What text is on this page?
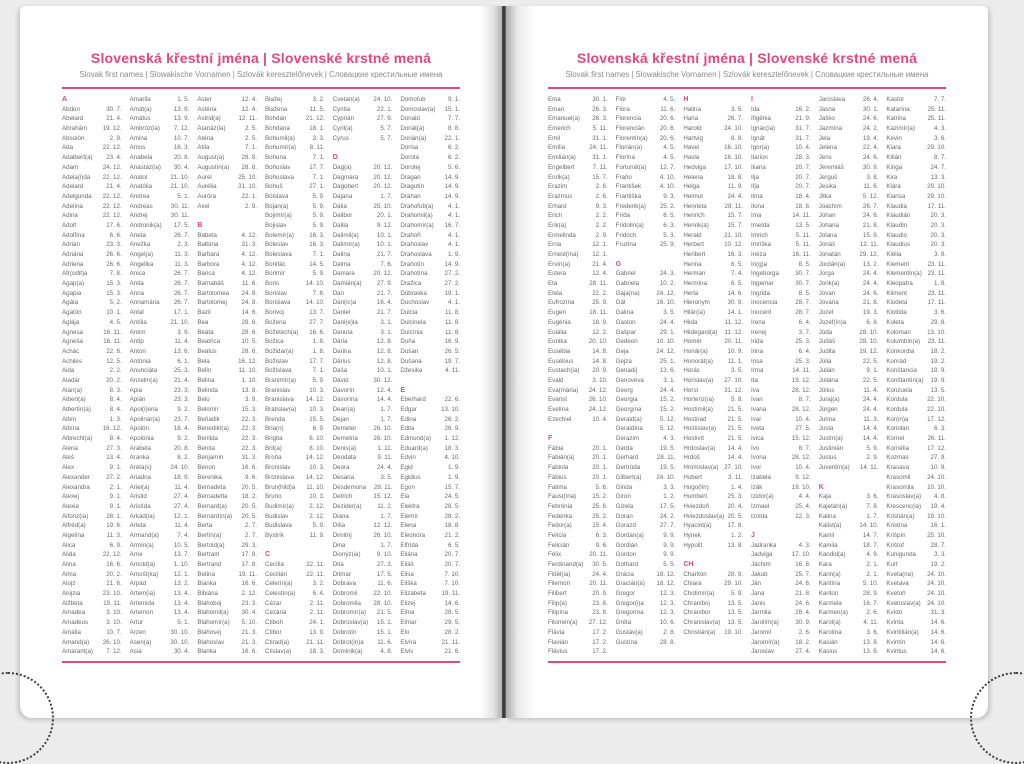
Slovenská křestní jména | Slovenské krstné mená
Slovak first names | Slowakische Vornamen | Szlovák keresztelőnevek | Словацкие крестильные имена
A
Abdon	30. 7.
Abelard	21. 4.
Abrahám	19. 12.
Absolón	2. 9.
Ada	22. 12.
Adalbert(a) 23. 4.
Adam	24. 12.
Adela(i)da 22. 12.
Adelard	21. 4.
Adelgunda 22. 12.
Adelína	22. 12.
Adina	22. 12.
Adolf	17. 6.
Adolfína	6. 6.
Adrián	23. 3.
Adriána	26. 6.
Adriena	26. 6.
Afr(odit)a	7. 8.
Agap(a)	15. 3.
Agapia	15. 3.
Agáta	5. 2.
Agatón	10. 1.
Aglája	4. 5.
Agnesa	16. 11.
Agneša	16. 11.
Achác	22. 6.
Achiles	12. 5.
Aida	2. 2.
Aladár	20. 2.
Alan(a)	8. 3.
Albert(a)	8. 4.
Albertín(a)	8. 4.
Albín	1. 3.
Albína	16. 12.
Albrecht(a)	8. 4.
Alena	27. 3.
Aleš	13. 4.
Alex	9. 1.
Alexander	27. 2.
Alexandra	2. 1.
Alexej	9. 1.
Alexia	9. 1.
Alfonz(ia)	28. 1.
Alfréd(a)	19. 6.
Algelína	11. 3.
Alica	6. 9.
Alida	22. 12.
Alina	16. 6.
Alma	20. 2.
Alojz	21. 6.
Alojzia	23. 10.
Alžbeta	19. 11.
Amadea	3. 10.
Amadeus	3. 10.
Amália	10. 7.
Amand(a) 26. 10.
Amarant(a) 7. 12.
Amarila	1. 5.
Amát(a)	13. 9.
Amátus	13. 9.
Ambróz(ia) 7. 12.
Amina	10. 7.
Amos	16. 3.
Anabela	20. 8.
Anastáz(ia) 30. 4.
Anatol	21. 10.
Anatólia	21. 10.
Andrea	5. 1.
Andreas	30. 11.
Andrej	30. 11.
Andronik(a) 17. 5.
Aneta	26. 7.
Anežka	2. 3.
Angel(a)	11. 3.
Angelika	11. 3.
Anica	26. 7.
Anita	26. 7.
Anna	26. 7.
Annamária 26. 7.
Antal	17. 1.
Antília	21. 10.
Antim	3. 9.
Antip	11. 4.
Anton	13. 6.
Antónia	6. 1.
Anunciáta	25. 3.
Anzelm(a)	21. 4.
Apia	23. 3.
Apián	23. 3.
Apol(i)ena	9. 2.
Apolinár(a) 23. 7.
Apolón	18. 4.
Apolónia	9. 2.
Arabela	20. 8.
Aranka	8. 2.
Areta(s)	24. 10.
Ariadna	18. 9.
Ariel(a)	11. 4.
Aristid	27. 4.
Aristída	27. 4.
Arkád(ia)	12. 1.
Arleta	11. 4.
Armand(a)	7. 4.
Armín(a)	10. 5.
Arne	13. 7.
Arnold(a)	1. 10.
Arnošt(ka)	12. 1.
Arpád	13. 2.
Artem(ia)	13. 4.
Artemida	13. 4.
Artemon	13. 4.
Artur	5. 1.
Arzen	30. 10.
Asen(a)	30. 10.
Asia	30. 4.
Aster	12. 4.
Astéria	12. 4.
Astrid(a)	12. 11.
Atanáz(ia)	2. 5.
Aténa	2. 5.
Atila	7. 1.
August(a)	28. 8.
Augustín(a) 28. 8.
Aurel	25. 10.
Aurélia	31. 10.
Auróra	22. 1.
Axel	2. 9.
B
Babeta	4. 12.
Balbína	31. 3.
Barbara	4. 12.
Barbora	4. 12.
Barica	4. 12.
Barnabáš	11. 6.
Bartolomea 24. 8.
Bartolomej 24. 8.
Bazil	14. 6.
Bea	28. 6.
Beáta	28. 6.
Beatrica	10. 5.
Beátus	28. 6.
Bela	16. 12.
Belín	11. 10.
Belina	1. 10.
Belinda	13. 8.
Belo	3. 9.
Belomír	15. 3.
Beňadik	22. 3.
Benedikt(a) 22. 3.
Benilda	22. 3.
Benita	22. 3.
Benjamín	31. 3.
Benon	16. 6.
Berenika	9. 6.
Bernadeta	20. 5.
Bernadetta 18. 2.
Bernard(a) 20. 5.
Bernardín(a) 20. 5.
Berta	2. 7.
Bertín(a)	2. 7.
Bertold(a)	29. 3.
Bertram	17. 8.
Bertrand	17. 8.
Betina	19. 11.
Bianka	16. 6.
Bibiána	2. 12.
Blahoboj	23. 3.
Blahomil(a) 30. 4.
Blahomír(a) 5. 10.
Blahosej	21. 3.
Blahoslav	21. 3.
Blanka	16. 6.
Blažej	3. 2.
Blažena	11. 5.
Bohdan	21. 12.
Bohdana	18. 1.
Bohumil(a)	3. 3.
Bohumír(a) 8. 11.
Bohuna	7. 1.
Bohuslav	17. 7.
Bohuslava	7. 1.
Bohuš	27. 1.
Boislava	5. 9.
Bojan(a)	5. 9.
Bojimír(a)	5. 9.
Bojislav	5. 9.
Bolemír(a) 16. 3.
Boleslav	16. 3.
Boleslava	7. 1.
Bonifác	14. 5.
Borimír	5. 9.
Boris	14. 10.
Borislav	7. 6.
Borislava 14. 10.
Borivoj	13. 7.
Božena	27. 7.
Božetech(a) 16. 6.
Božica	1. 8.
Božidar(a)	1. 8.
Božislav	17. 7.
Božislava	7. 1.
Branimír(a)	5. 9.
Branislav	10. 3.
Branislava 14. 12.
Bratislav(a) 10. 3.
Brenda	15. 5.
Bria(n)	6. 9.
Brigita	8. 10.
Brit(a)	8. 10.
Broňa	14. 12.
Bronislav	10. 3.
Bronislava 14. 12.
Brun(hild)a 11. 10.
Bruno	10. 3.
Budimír(a) 2. 12.
Budislav	2. 12.
Budislava	5. 9.
Bystrík	11. 9.
C
Cecília	22. 11.
Cecilián	22. 11.
Celerín(a)	3. 2.
Celestín(a)	6. 4.
Cézar	2. 11.
Cezária	2. 11.
Ctiboh	24. 1.
Ctibor	13. 9.
Ctirad(a)	21. 11.
Ctislav(a)	18. 3.
Cvetan(a) 24. 10.
Cyntia	22. 1.
Cyprián	27. 9.
Cyril(a)	5. 7.
Cyrus	5. 7.
D
Dag(a)	20. 12.
Dagmara 20. 12.
Dagobert 20. 12.
Dajana	1. 7.
Dália	25. 10.
Dalibor	20. 1.
Dalila	9. 12.
Dalimil(a)	10. 1.
Dalimír(a)	10. 1.
Dalina	21. 7.
Dalma	7. 6.
Damara	20. 12.
Damián(a) 27. 9.
Dan	21. 7.
Dan(ic)a	16. 4.
Daniel	21. 7.
Dani(e)la	3. 1.
Danuta	3. 1.
Dária	12. 8.
Darina	12. 8.
Dárius	12. 8.
Daša	10. 1.
Dávid	30. 12.
Davorín	12. 4.
Davorína	14. 4.
Dean(a)	1. 7.
Dejan	1. 7.
Demeter	26. 10.
Demetria	26. 10.
Denis(a)	1. 11.
Deodata	9. 11.
Deora	24. 4.
Desana	3. 5.
Desdemona 28. 11.
Detrich	15. 12.
Dezider(a)	11. 2.
Diana	1. 7.
Dília	12. 12.
Dimitrij	26. 10.
Dina	1. 7.
Dionýz(ia)	9. 10.
Dita	27. 3.
Ditmar	17. 5.
Dobrava	11. 6.
Dobromil	22. 10.
Dobromila 28. 10.
Dobromír(a) 21. 5.
Dobroslav(a) 15. 1.
Dobrotín	15. 1.
Dobrot(in)a 11. 6.
Dominik(a)	4. 8.
Domoľub	9. 1.
Domoslav(a) 15. 1.
Donald	7. 7.
Donát(a)	8. 8.
Dorián(a)	22. 1.
Dorisa	6. 2.
Dorota	6. 2.
Dorotej	5. 6.
Dragan	14. 9.
Dragutín	14. 9.
Drahan	14. 9.
Drahoľub(a) 4. 1.
Drahomil(a) 4. 1.
Drahomír(a) 16. 7.
Drahoň	4. 1.
Drahoslav	4. 1.
Drahoslava	1. 9.
Drahotín	14. 9.
Drahotína	27. 2.
Dražica	27. 2.
Dúbravka	19. 1.
Duchoslav	4. 1.
Dulcia	11. 8.
Dulcinela	11. 8.
Dulcínia	11. 8.
Duňa	16. 9.
Dušan	26. 5.
Dušana	19. 7.
Džesika	4. 11.
E
Eberhard	22. 6.
Edgar	13. 10.
Edina	26. 2.
Edita	26. 9.
Edmund(a) 1. 12.
Eduard(a)	18. 3.
Edvin	4. 10.
Egid	1. 9.
Egidius	1. 9.
Egon	15. 7.
Ela	24. 5.
Elektra	28. 5.
Elemír	28. 2.
Elena	18. 8.
Eleonóra	21. 2.
Elfrída	6. 5.
Eliána	20. 7.
Eliáš	20. 7.
Elisa	7. 10.
Eliška	7. 10.
Elizabeta	19. 11.
Elizej	14. 6.
Elma	28. 5.
Elmar	29. 5.
Elo	28. 2.
Elvíra	21. 11.
Elvis	21. 6.
Slovenská křestní jména | Slovenské krstné mená
Slovak first names | Slowakische Vornamen | Szlovák keresztelőnevek | Словацкие крестильные имена
Ema	30. 1.
Eman	26. 3.
Emanuel(a) 26. 3.
Emerich	5. 11.
Emil	31. 1.
Emília	24. 11.
Emilián(a)	31. 1.
Engelbert	7. 11.
Enrik(a)	15. 7.
Erazim	2. 6.
Erazmus	2. 6.
Erhard	9. 3.
Erich	2. 2.
Erik(a)	2. 2.
Ermelinda	2. 9.
Erna	12. 1.
Ernest(ína) 12. 1.
Ervín(a)	21. 4.
Estera	12. 4.
Eta	28. 11.
Etela	22. 2.
Eufrozína	25. 9.
Eugen	18. 11.
Eugénia	18. 9.
Eulália	12. 2.
Eunika	20. 10.
Eusébia	14. 8.
Eusébius	14. 8.
Eustach(ia) 20. 9.
Evald	3. 10.
Eva(mária) 24. 12.
Evarist	26. 10.
Evelína	24. 12.
Ezechiel	10. 4.
F
Fábia	20. 1.
Fabián(a)	20. 1.
Fabiola	20. 1.
Fábius	20. 1.
Fatima	5. 6.
Faust(ína)	15. 2.
Febrónia	25. 6.
Federika	25. 2.
Fedor(a)	15. 4.
Felícia	6. 3.
Felicián	9. 6.
Félix	20. 11.
Ferdinand(a) 30. 5.
Fidél(ia)	24. 4.
Filemon	20. 11.
Filibert	20. 9.
Filip(a)	23. 8.
Filipína	23. 8.
Filomén(a) 27. 12.
Flávia	17. 2.
Flavián	17. 2.
Flávius	17. 2.
Flór	4. 5.
Flóra	11. 6.
Florencia	20. 6.
Florencián 20. 6.
Florentín(a) 20. 6.
Florián(a)	4. 5.
Florína	4. 5.
Fortunát(a) 12. 7.
Fraňo	4. 10.
František	4. 10.
Františka	9. 3.
Frederik(a) 25. 2.
Frída	6. 5.
Fridolín(a)	6. 3.
Fridrich	5. 3.
Fruzina	25. 9.
G
Gabriel	24. 3.
Gabriela	10. 2.
Gaja(na)	24. 12.
Gál	16. 10.
Galina	3. 5.
Gaston	24. 4.
Gašpar	29. 1.
Gedeon	10. 10.
Geja	24. 12.
Gejza	25. 1.
Genadij	13. 6.
Genovéva	3. 1.
Georg	24. 4.
Georgia	15. 2.
Georgína	15. 2.
Gerald(a)	5. 12.
Geraldína	5. 12.
Gerazim	4. 3.
Gerda	19. 5.
Gerhard	28. 11.
Gertrúda	19. 5.
Gilbert(a) 24. 10.
Ginda	3. 3.
Giron	1. 2.
Gizela	17. 5.
Goran	24. 2.
Gorazd	27. 7.
Gordan(a)	9. 9.
Gordián	9. 9.
Gordon	9. 9.
Gothard	5. 5.
Grácia	18. 12.
Gracián(a) 18. 12.
Gregor	12. 3.
Gregor(i)a	12. 3.
Gregorína	12. 3.
Gréta	10. 6.
Gustáv(a)	2. 8.
Gustína	28. 8.
H
Halina	3. 5.
Hana	26. 7.
Harold	24. 10.
Hartvig	8. 8.
Havel	16. 10.
Havla	16. 10.
Hedviga	17. 10.
Helena	18. 8.
Helga	11. 9.
Helmut	24. 4.
Henrieta	28. 11.
Henrich	15. 7.
Henrik(a)	15. 7.
Herald	21. 10.
Herbert	10. 12.
Heribert	16. 3.
Herina	6. 5.
Herman	7. 4.
Hermína	6. 5.
Herta	14. 6.
Hieronym	30. 9.
Hilár(ia)	14. 1.
Hilda	11. 12.
Hildegard(a) 11. 12.
Homér	20. 11.
Honár(a)	10. 9.
Honorát(a) 11. 1.
Horác	3. 5.
Horislav(a) 27. 10.
Horst	31. 12.
Hortenz(ia)	5. 8.
Hostimil(a) 21. 5.
Hostirad	21. 5.
Hostislav(a) 21. 5.
Hostivít	21. 5.
Hrdoslav(a) 14. 4.
Hrdoš	14. 4.
Hromislav(a) 27. 10.
Hubert	3. 11.
Hugo(lín)	1. 4.
Humbert	25. 3.
Hviezdoň	20. 4.
Hviezdoslav(a) 20. 5.
Hyacint(a)	17. 8.
Hynek	1. 2.
Hypolit	13. 8.
CH
Chariton	28. 9.
Chiara	29. 10.
Chotimír(a)	5. 9.
Chraniboj	13. 5.
Chranibor	13. 5.
Chranislav(a) 13. 5.
Christián(a) 19. 10.
I
Ida	16. 2.
Ifigénia	21. 9.
Ignác(ia)	31. 7.
Ignát	31. 7.
Igor(a)	10. 4.
Ilarion	28. 3.
Iliana	20. 7.
Ilja	20. 7.
Iľja	20. 7.
Ilma	18. 4.
Ilona	18. 8.
Ima	14. 11.
Imelda	13. 5.
Imrich	5. 11.
Imriška	5. 11.
Inéza	16. 11.
In(g)a	8. 5.
Ingeborga	30. 7.
Ingemar	30. 7.
Ingrida	8. 5.
Inocencia	28. 7.
Inocent	28. 7.
Irena	6. 4.
Irenej	3. 7.
Irida	25. 3.
Irina	6. 4.
Irisa	25. 3.
Irma	14. 11.
Ita	19. 12.
Iva	28. 12.
Ivan	8. 7.
Ivana	28. 12.
Ivar	10. 4.
Iveta	27. 5.
Ivica	15. 12.
Ivo	8. 7.
Ivona	28. 12.
Ivor	10. 4.
Izabela	9. 12.
Izák	19. 10.
Izidor(a)	4. 4.
Izmael	25. 4.
Izolda	22. 3.
J
Jadranka	4. 3.
Jadviga	17. 10.
Jáchim	16. 8.
Jakub	25. 7.
Ján	24. 6.
Jana	21. 8.
Janis	24. 6.
Jarmila	28. 4.
Jarolím(a)	30. 9.
Jaromil	2. 6.
Jaromír(a)	18. 2.
Jaroslav	27. 4.
Jaroslava	26. 4.
Jasna	30. 1.
Jaško	24. 6.
Jazmína	24. 2.
Jela	19. 4.
Jelena	22. 4.
Jens	24. 6.
Jeremiáš	30. 9.
Jerguš	3. 8.
Jesika	11. 6.
Jitka	5. 12.
Joachim	26. 7.
Johan	24. 6.
Johana	21. 8.
Jolana	15. 9.
Jonáš	12. 11.
Jonatán	29. 12.
Jordán(a)	13. 2.
Jorga	24. 4.
Jorik(a)	24. 4.
Jovan	24. 6.
Jovana	21. 8.
Jozef	19. 3.
Jozef(ín)a	6. 8.
Júda	28. 10.
Judáš	28. 10.
Judita	19. 12.
Júlia	22. 5.
Julián	9. 1.
Juliána	22. 5.
Július	11. 4.
Juraj(a)	24. 4.
Jürgen	24. 4.
Jurina	11. 3.
Justa	14. 4.
Justín(a)	14. 4.
Justinián	5. 9.
Justus	2. 9.
Juventín(a) 14. 11.
K
Kaja	3. 6.
Kajetán(a)	7. 8.
Kalina	1. 7.
Kalist(a)	14. 10.
Kamil	14. 7.
Kamila	18. 7.
Kandid(a)	4. 9.
Kara	2. 1.
Karin(a)	2. 1.
Karitína	5. 10.
Kariton	28. 9.
Karmela	16. 7.
Karmen(a)	2. 6.
Karol(a)	4. 11.
Karolína	3. 6.
Kasián	13. 8.
Kasius	13. 8.
Kastor	7. 7.
Katarína	25. 11.
Katrina	25. 11.
Kazimír(a)	4. 3.
Kevin	3. 6.
Kiara	29. 10.
Kilián	8. 7.
Kinga	24. 7.
Kira	13. 3.
Klára	29. 10.
Klarisa	29. 10.
Klaudia	17. 11.
Klaudián	20. 3.
Klaudín	20. 3.
Klaudio	20. 3.
Klaudius	20. 3.
Klélia	3. 9.
Klement	23. 11.
Klementín(a) 23. 11.
Kleopatra	1. 8.
Kliment	23. 11.
Klodeta	17. 11.
Klotilda	3. 6.
Koleta	29. 8.
Koloman	13. 10.
Kolumbín(a) 23. 11.
Konkordia	18. 2.
Konrád	19. 2.
Konštancia 19. 9.
Konštantín(a) 19. 9.
Konzuela	13. 5.
Kordula	22. 10.
Kordula	22. 10.
Kor(in)a	17. 12.
Koriolán	6. 3.
Kornel	26. 11.
Kornélia	17. 12.
Kozmas	27. 9.
Krasava	10. 9.
Krasomil	24. 10.
Krasomila 10. 10.
Krasoslav(a) 4. 8.
Krescenc(ia) 19. 4.
Kristián(a) 19. 10.
Kristína	16. 1.
Krišpín	25. 10.
Krištof	28. 7.
Kunigunda	3. 3.
Kurt	19. 2.
Kveta(na) 24. 10.
Kvetava	24. 10.
Kvetoň	24. 10.
Kvetoslav(a) 24. 10.
Kvído	31. 3.
Kvinta	14. 6.
Kvintilián(a) 14. 6.
Kvintín	14. 6.
Kvintus	14. 6.
